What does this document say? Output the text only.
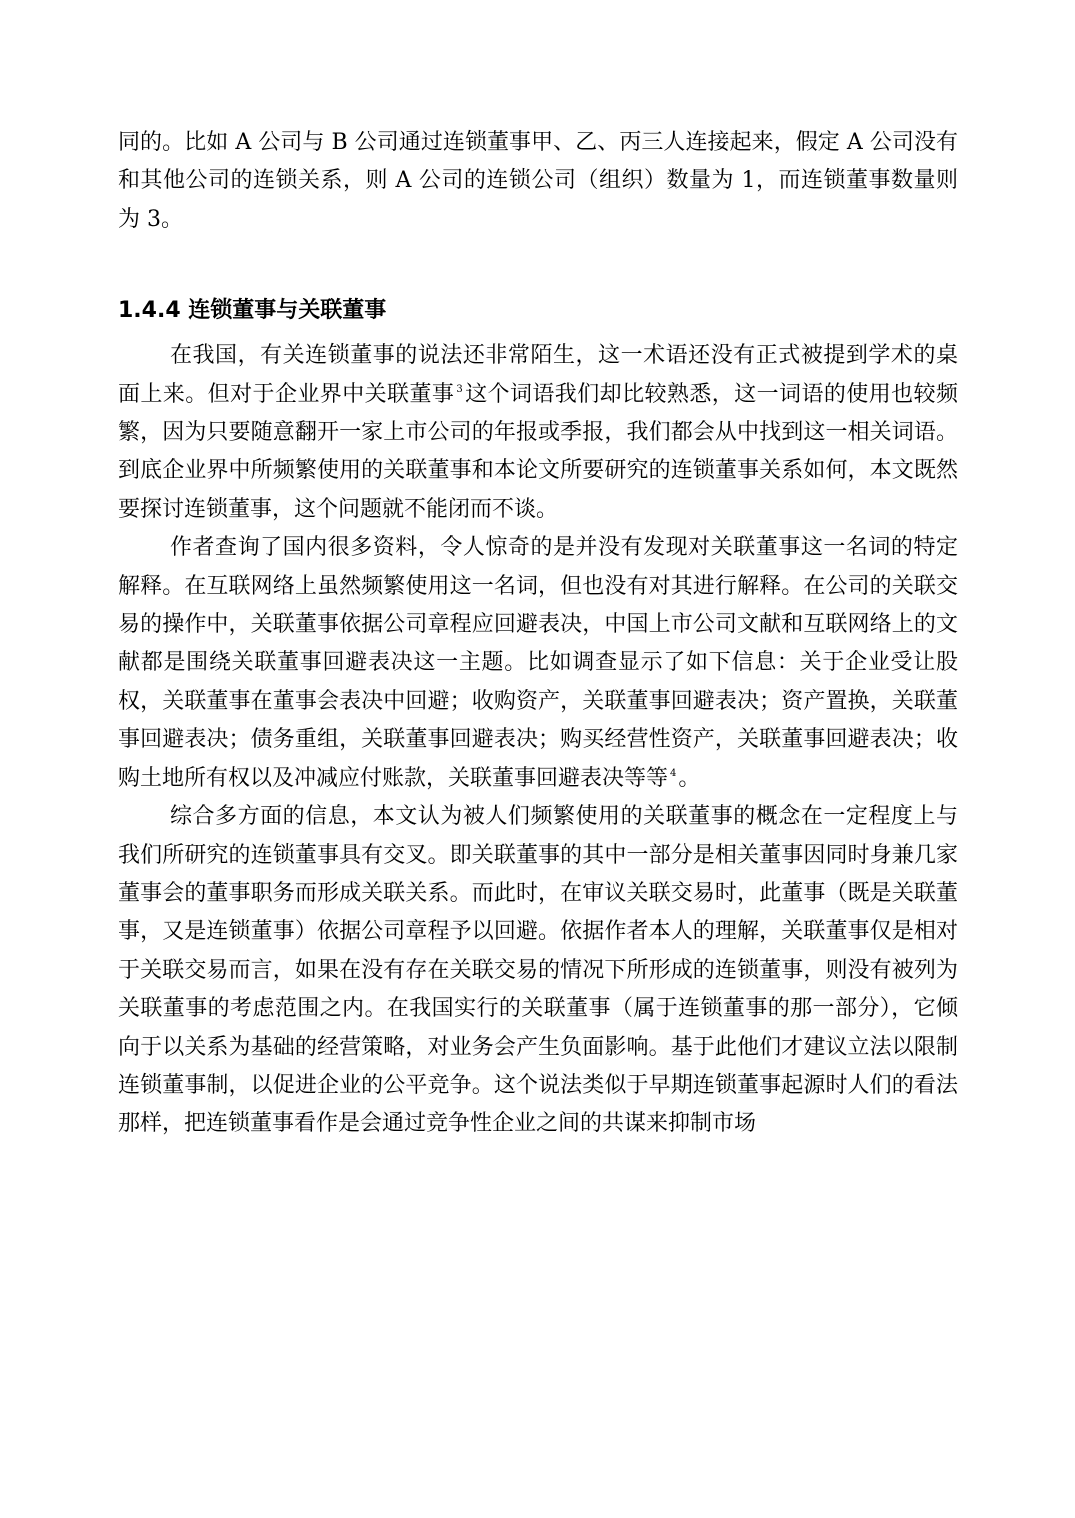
同的。比如 A 公司与 B 公司通过连锁董事甲、乙、丙三人连接起来，假定 A 公司没有和其他公司的连锁关系，则 A 公司的连锁公司（组织）数量为 1，而连锁董事数量则为 3。

1.4.4 连锁董事与关联董事

在我国，有关连锁董事的说法还非常陌生，这一术语还没有正式被提到学术的桌面上来。但对于企业界中关联董事 $^3$这个词语我们却比较熟悉，这一词语的使用也较频繁，因为只要随意翻开一家上市公司的年报或季报，我们都会从中找到这一相关词语。到底企业界中所频繁使用的关联董事和本论文所要研究的连锁董事关系如何，本文既然要探讨连锁董事，这个问题就不能闭而不谈。

作者查询了国内很多资料，令人惊奇的是并没有发现对关联董事这一名词的特定解释。在互联网络上虽然频繁使用这一名词，但也没有对其进行解释。在公司的关联交易的操作中，关联董事依据公司章程应回避表决，中国上市公司文献和互联网络上的文献都是围绕关联董事回避表决这一主题。比如调查显示了如下信息：关于企业受让股权，关联董事在董事会表决中回避；收购资产，关联董事回避表决；资产置换，关联董事回避表决；债务重组，关联董事回避表决；购买经营性资产，关联董事回避表决；收购土地所有权以及冲减应付账款，关联董事回避表决等等 $^4$。

综合多方面的信息，本文认为被人们频繁使用的关联董事的概念在一定程度上与我们所研究的连锁董事具有交叉。即关联董事的其中一部分是相关董事因同时身兼几家董事会的董事职务而形成关联关系。而此时，在审议关联交易时，此董事（既是关联董事，又是连锁董事）依据公司章程予以回避。依据作者本人的理解，关联董事仅是相对于关联交易而言，如果在没有存在关联交易的情况下所形成的连锁董事，则没有被列为关联董事的考虑范围之内。在我国实行的关联董事（属于连锁董事的那一部分），它倾向于以关系为基础的经营策略，对业务会产生负面影响。基于此他们才建议立法以限制连锁董事制，以促进企业的公平竞争。这个说法类似于早期连锁董事起源时人们的看法那样，把连锁董事看作是会通过竞争性企业之间的共谋来抑制市场
